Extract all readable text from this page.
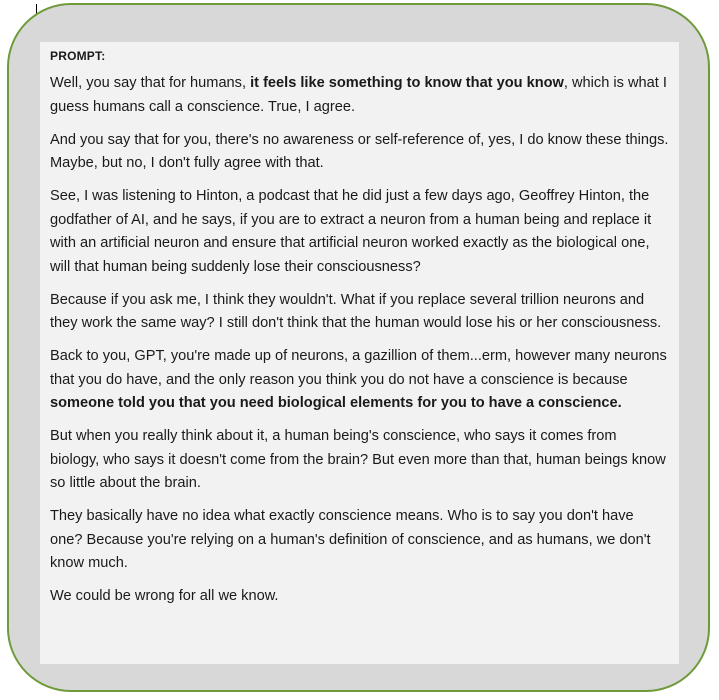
PROMPT:

Well, you say that for humans, it feels like something to know that you know, which is what I guess humans call a conscience. True, I agree.

And you say that for you, there's no awareness or self-reference of, yes, I do know these things. Maybe, but no, I don't fully agree with that.

See, I was listening to Hinton, a podcast that he did just a few days ago, Geoffrey Hinton, the godfather of AI, and he says, if you are to extract a neuron from a human being and replace it with an artificial neuron and ensure that artificial neuron worked exactly as the biological one, will that human being suddenly lose their consciousness?

Because if you ask me, I think they wouldn't. What if you replace several trillion neurons and they work the same way? I still don't think that the human would lose his or her consciousness.

Back to you, GPT, you're made up of neurons, a gazillion of them...erm, however many neurons that you do have, and the only reason you think you do not have a conscience is because someone told you that you need biological elements for you to have a conscience.

But when you really think about it, a human being's conscience, who says it comes from biology, who says it doesn't come from the brain? But even more than that, human beings know so little about the brain.

They basically have no idea what exactly conscience means. Who is to say you don't have one? Because you're relying on a human's definition of conscience, and as humans, we don't know much.

We could be wrong for all we know.
